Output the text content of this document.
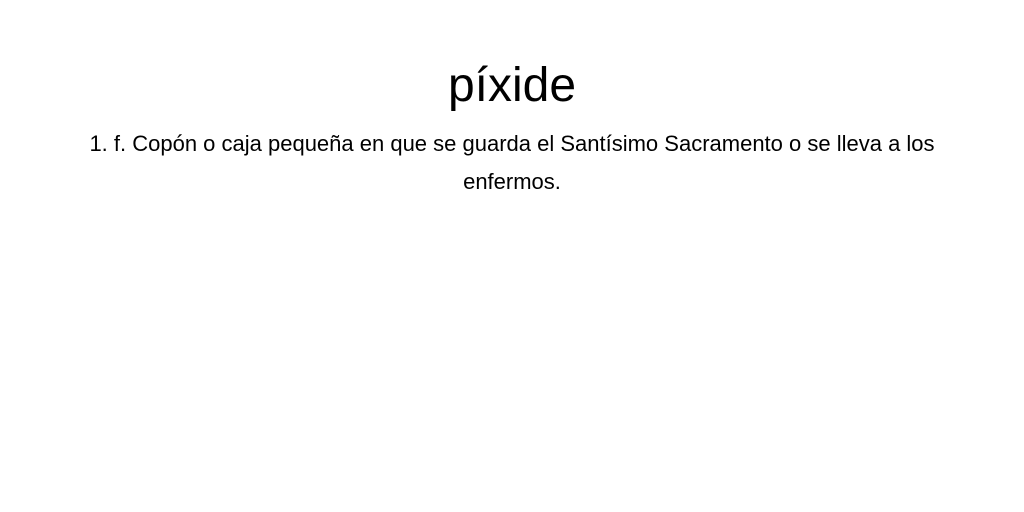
píxide

1. f. Copón o caja pequeña en que se guarda el Santísimo Sacramento o se lleva a los enfermos.
